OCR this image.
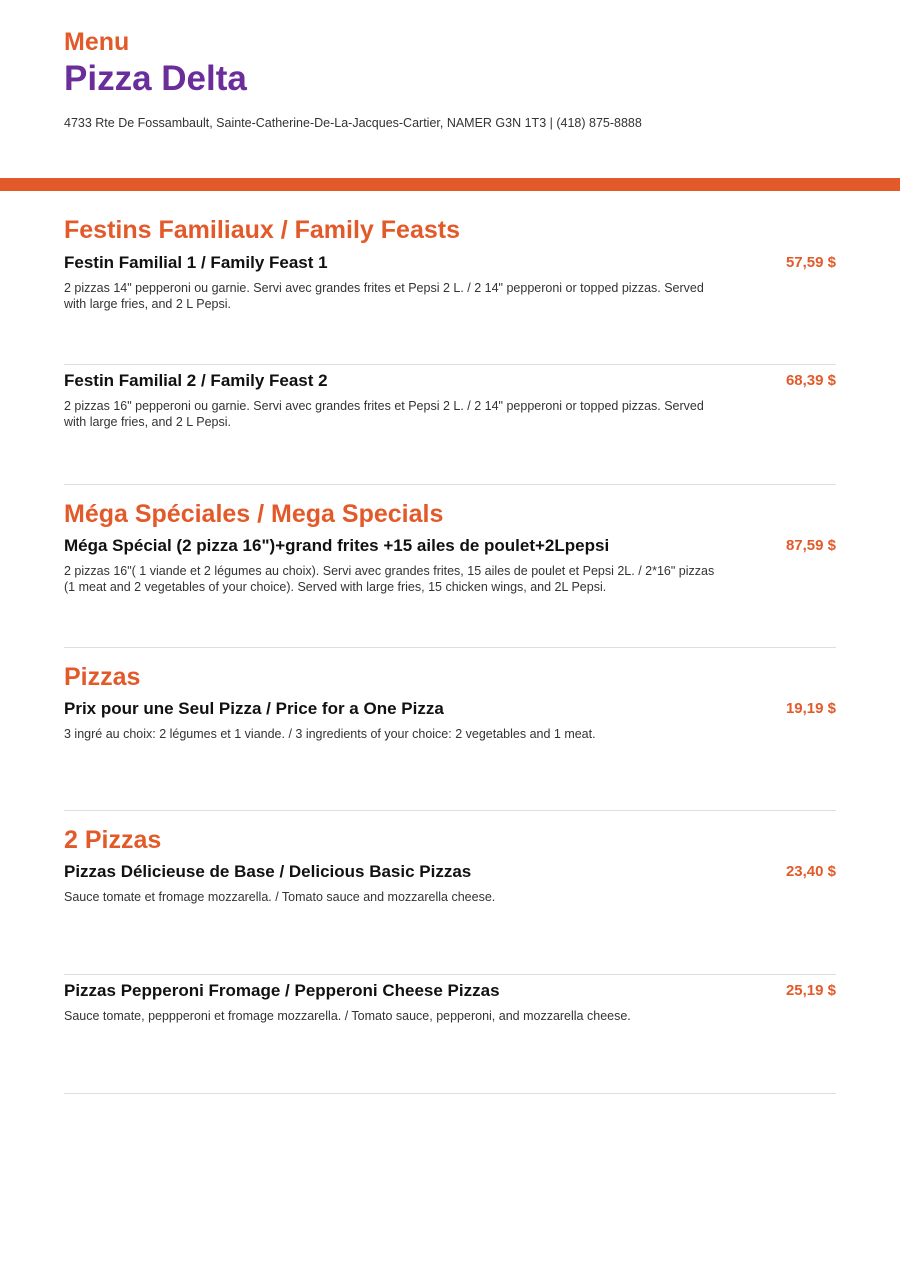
Menu
Pizza Delta
4733 Rte De Fossambault, Sainte-Catherine-De-La-Jacques-Cartier, NAMER G3N 1T3 | (418) 875-8888
Festins Familiaux / Family Feasts
Festin Familial 1 / Family Feast 1	57,59 $
2 pizzas 14" pepperoni ou garnie. Servi avec grandes frites et Pepsi 2 L. / 2 14" pepperoni or topped pizzas. Served with large fries, and 2 L Pepsi.
Festin Familial 2 / Family Feast 2	68,39 $
2 pizzas 16" pepperoni ou garnie. Servi avec grandes frites et Pepsi 2 L. / 2 14" pepperoni or topped pizzas. Served with large fries, and 2 L Pepsi.
Méga Spéciales / Mega Specials
Méga Spécial (2 pizza 16")+grand frites +15 ailes de poulet+2Lpepsi	87,59 $
2 pizzas 16"( 1 viande et 2 légumes au choix). Servi avec grandes frites, 15 ailes de poulet et Pepsi 2L. / 2*16" pizzas (1 meat and 2 vegetables of your choice). Served with large fries, 15 chicken wings, and 2L Pepsi.
Pizzas
Prix pour une Seul Pizza / Price for a One Pizza	19,19 $
3 ingré au choix: 2 légumes et 1 viande. / 3 ingredients of your choice: 2 vegetables and 1 meat.
2 Pizzas
Pizzas Délicieuse de Base / Delicious Basic Pizzas	23,40 $
Sauce tomate et fromage mozzarella. / Tomato sauce and mozzarella cheese.
Pizzas Pepperoni Fromage / Pepperoni Cheese Pizzas	25,19 $
Sauce tomate, peppperoni et fromage mozzarella. / Tomato sauce, pepperoni, and mozzarella cheese.
